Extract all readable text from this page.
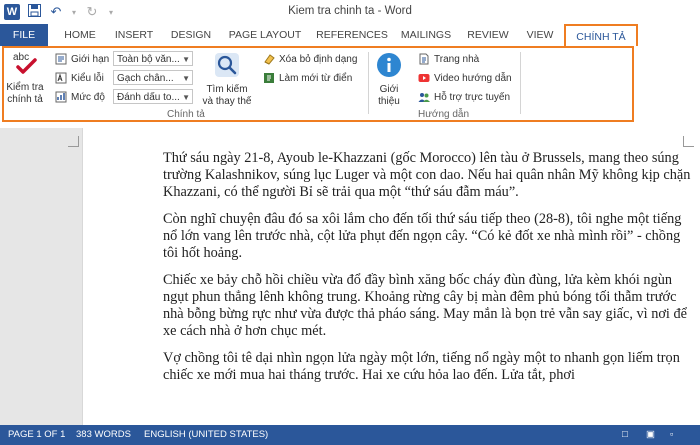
W	↶	▾ ↻	▾	Kiem tra chinh ta - Word
FILE	HOME	INSERT	DESIGN	PAGE LAYOUT REFERENCES MAILINGS	REVIEW	VIEW	CHÍNH TẢ
abc
Kiểm tra
chính tả
Giới hạn Toàn bộ văn... ▼
Kiểu lỗi	Gạch chân... ▼
Mức độ	Đánh dấu to... ▼
Tìm kiếm
và thay thế
Xóa bỏ định dạng
Làm mới từ điển
Chính tả
Giới
thiệu
Trang nhà
Video hướng dẫn
Hỗ trợ trực tuyến
Hướng dẫn

Thứ sáu ngày 21-8, Ayoub le-Khazzani (gốc Morocco) lên tàu ở Brussels, mang theo súng trường Kalashnikov, súng lục Luger và một con dao. Nếu hai quân nhân Mỹ không kịp chặn Khazzani, có thể người Bỉ sẽ trải qua một “thứ sáu đẫm máu”.

Còn nghĩ chuyện đâu đó sa xôi lắm cho đến tối thứ sáu tiếp theo (28-8), tôi nghe một tiếng nổ lớn vang lên trước nhà, cột lửa phụt đến ngọn cây. “Có kẻ đốt xe nhà mình rồi” - chồng tôi hốt hoảng.

Chiếc xe bảy chỗ hồi chiều vừa đổ đầy bình xăng bốc cháy đùn đùng, lửa kèm khói ngùn ngụt phun thẳng lênh không trung. Khoảng rừng cây bị màn đêm phủ bóng tối thẫm trước nhà bỗng bừng rực như vừa được thả pháo sáng. May mắn là bọn trẻ vẫn say giấc, vì nơi để xe cách nhà ở hơn chục mét.

Vợ chồng tôi tê dại nhìn ngọn lửa ngày một lớn, tiếng nổ ngày một to nhanh gọn liếm trọn chiếc xe mới mua hai tháng trước. Hai xe cứu hỏa lao đến. Lửa tắt, phơi

PAGE 1 OF 1 383 WORDS ENGLISH (UNITED STATES)	□ ▣ ▫
